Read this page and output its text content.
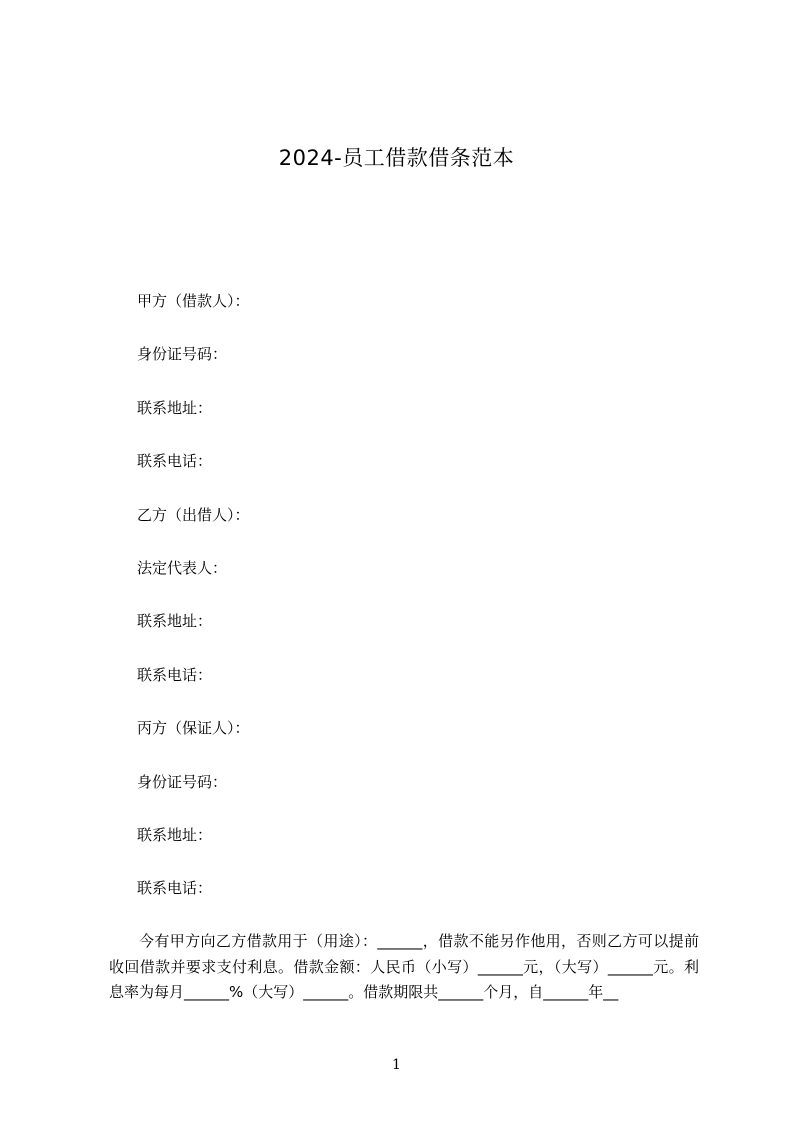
2024-员工借款借条范本
甲方（借款人）：
身份证号码：
联系地址：
联系电话：
乙方（出借人）：
法定代表人：
联系地址：
联系电话：
丙方（保证人）：
身份证号码：
联系地址：
联系电话：

今有甲方向乙方借款用于（用途）：______，借款不能另作他用，否则乙方可以提前收回借款并要求支付利息。借款金额：人民币（小写）______元，（大写）______元。利息率为每月______%（大写）______。借款期限共______个月，自______年__

1
